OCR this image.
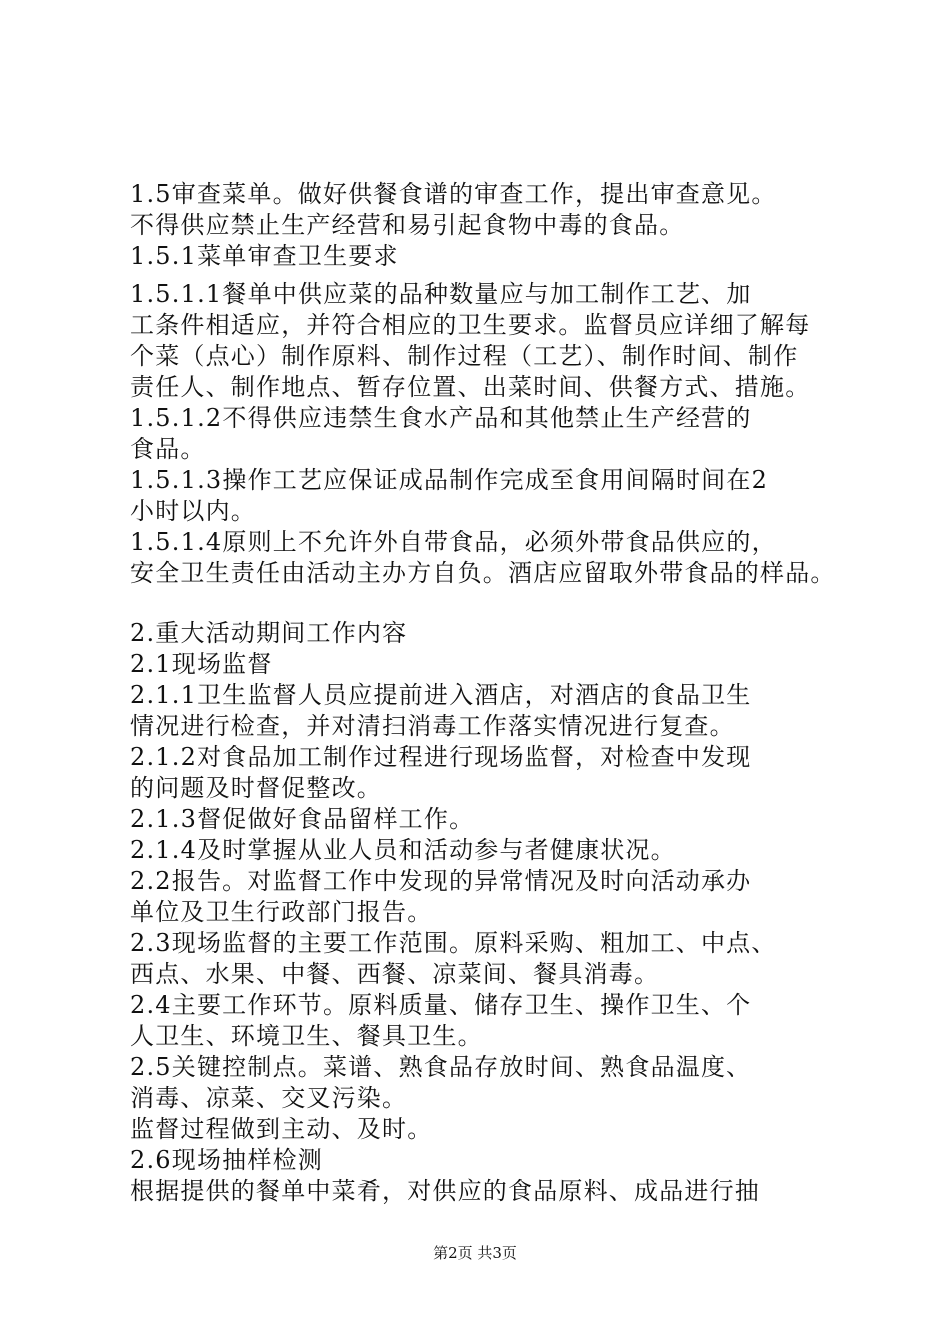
1.5审查菜单。做好供餐食谱的审查工作，提出审查意见。
不得供应禁止生产经营和易引起食物中毒的食品。
1.5.1菜单审查卫生要求
1.5.1.1餐单中供应菜的品种数量应与加工制作工艺、加
工条件相适应，并符合相应的卫生要求。监督员应详细了解每
个菜（点心）制作原料、制作过程（工艺）、制作时间、制作
责任人、制作地点、暂存位置、出菜时间、供餐方式、措施。
1.5.1.2不得供应违禁生食水产品和其他禁止生产经营的
食品。
1.5.1.3操作工艺应保证成品制作完成至食用间隔时间在2
小时以内。
1.5.1.4原则上不允许外自带食品，必须外带食品供应的，
安全卫生责任由活动主办方自负。酒店应留取外带食品的样品。
2.重大活动期间工作内容
2.1现场监督
2.1.1卫生监督人员应提前进入酒店，对酒店的食品卫生
情况进行检查，并对清扫消毒工作落实情况进行复查。
2.1.2对食品加工制作过程进行现场监督，对检查中发现
的问题及时督促整改。
2.1.3督促做好食品留样工作。
2.1.4及时掌握从业人员和活动参与者健康状况。
2.2报告。对监督工作中发现的异常情况及时向活动承办
单位及卫生行政部门报告。
2.3现场监督的主要工作范围。原料采购、粗加工、中点、
西点、水果、中餐、西餐、凉菜间、餐具消毒。
2.4主要工作环节。原料质量、储存卫生、操作卫生、个
人卫生、环境卫生、餐具卫生。
2.5关键控制点。菜谱、熟食品存放时间、熟食品温度、
消毒、凉菜、交叉污染。
监督过程做到主动、及时。
2.6现场抽样检测
根据提供的餐单中菜肴，对供应的食品原料、成品进行抽
第2页 共3页
